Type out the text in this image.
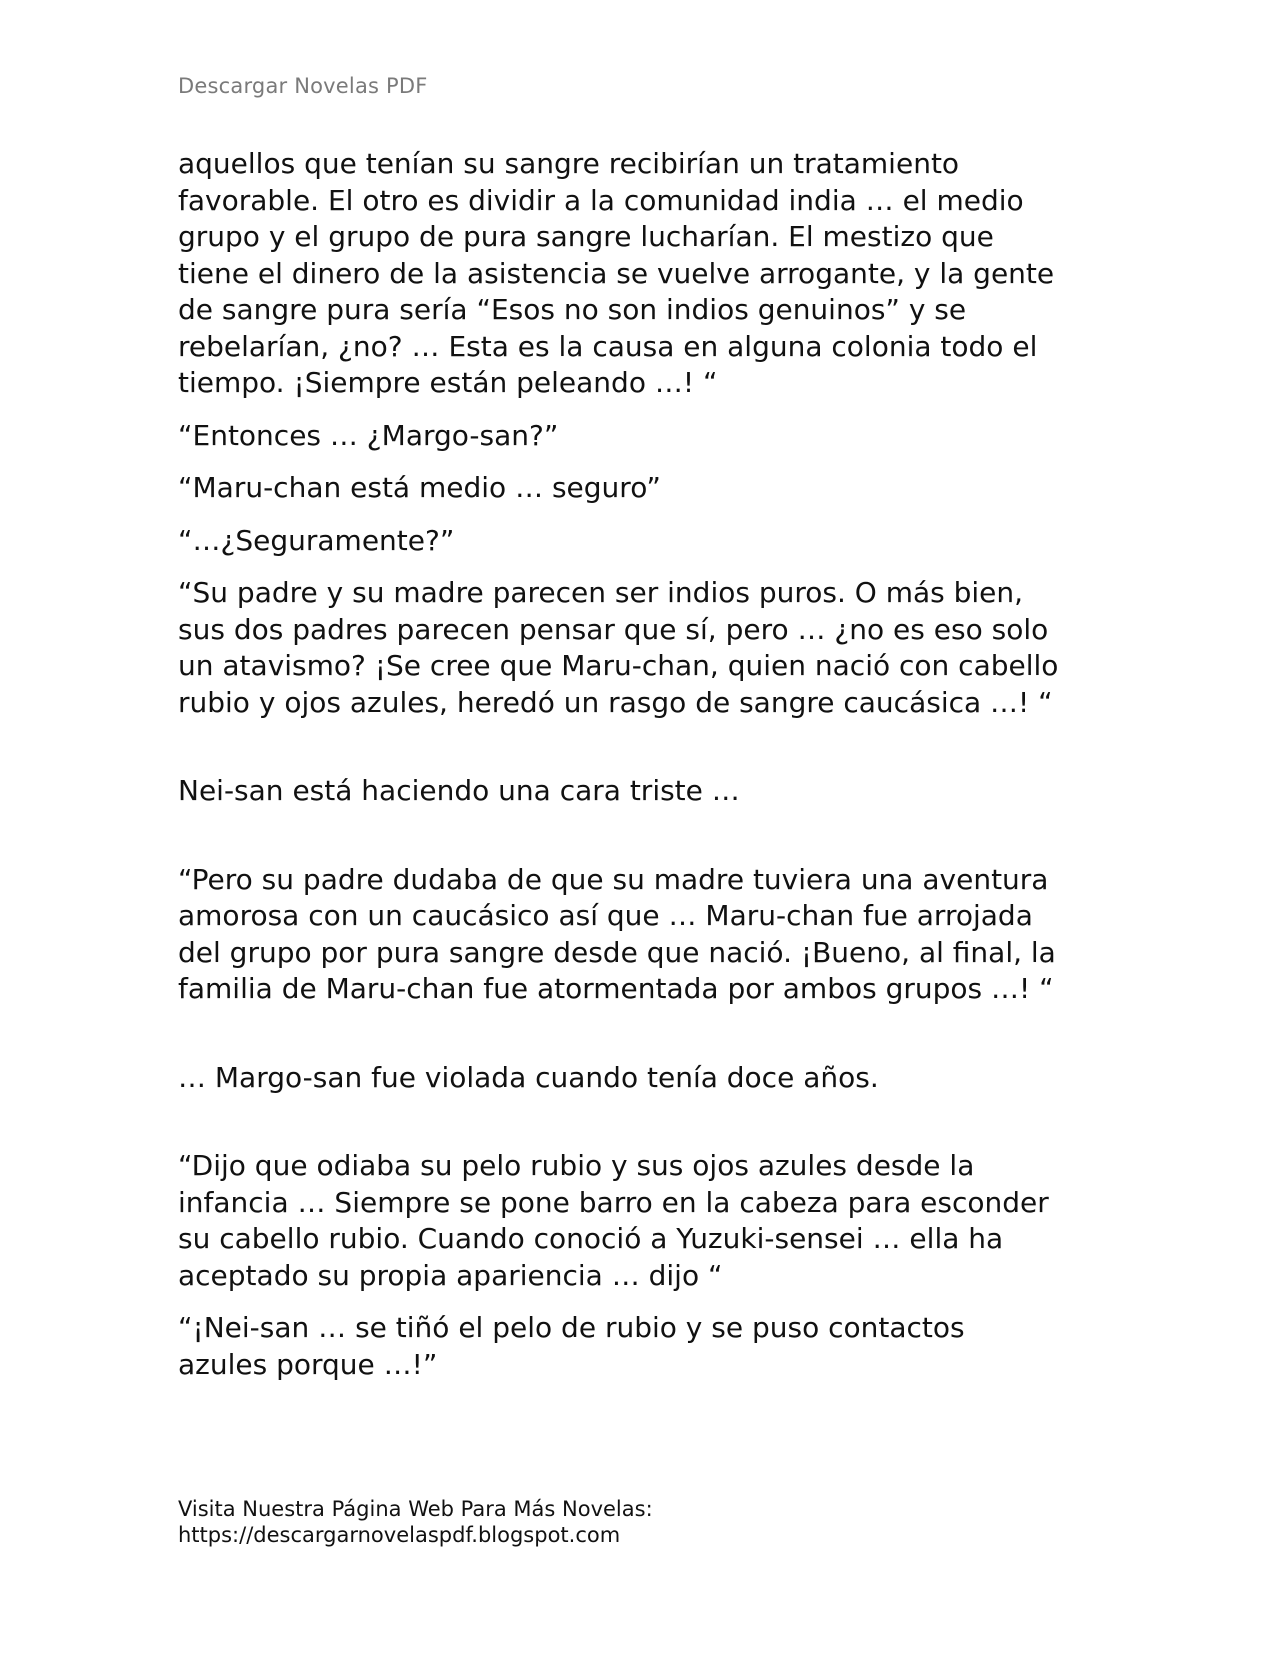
Descargar Novelas PDF

aquellos que tenían su sangre recibirían un tratamiento
favorable. El otro es dividir a la comunidad india … el medio
grupo y el grupo de pura sangre lucharían. El mestizo que
tiene el dinero de la asistencia se vuelve arrogante, y la gente
de sangre pura sería “Esos no son indios genuinos” y se
rebelarían, ¿no? … Esta es la causa en alguna colonia todo el
tiempo. ¡Siempre están peleando …! “

“Entonces … ¿Margo-san?”

“Maru-chan está medio … seguro”

“…¿Seguramente?”

“Su padre y su madre parecen ser indios puros. O más bien,
sus dos padres parecen pensar que sí, pero … ¿no es eso solo
un atavismo? ¡Se cree que Maru-chan, quien nació con cabello
rubio y ojos azules, heredó un rasgo de sangre caucásica …! “

Nei-san está haciendo una cara triste …

“Pero su padre dudaba de que su madre tuviera una aventura
amorosa con un caucásico así que … Maru-chan fue arrojada
del grupo por pura sangre desde que nació. ¡Bueno, al final, la
familia de Maru-chan fue atormentada por ambos grupos …! “

… Margo-san fue violada cuando tenía doce años.

“Dijo que odiaba su pelo rubio y sus ojos azules desde la
infancia … Siempre se pone barro en la cabeza para esconder
su cabello rubio. Cuando conoció a Yuzuki-sensei … ella ha
aceptado su propia apariencia … dijo “

“¡Nei-san … se tiñó el pelo de rubio y se puso contactos
azules porque …!”

Visita Nuestra Página Web Para Más Novelas:
https://descargarnovelaspdf.blogspot.com
